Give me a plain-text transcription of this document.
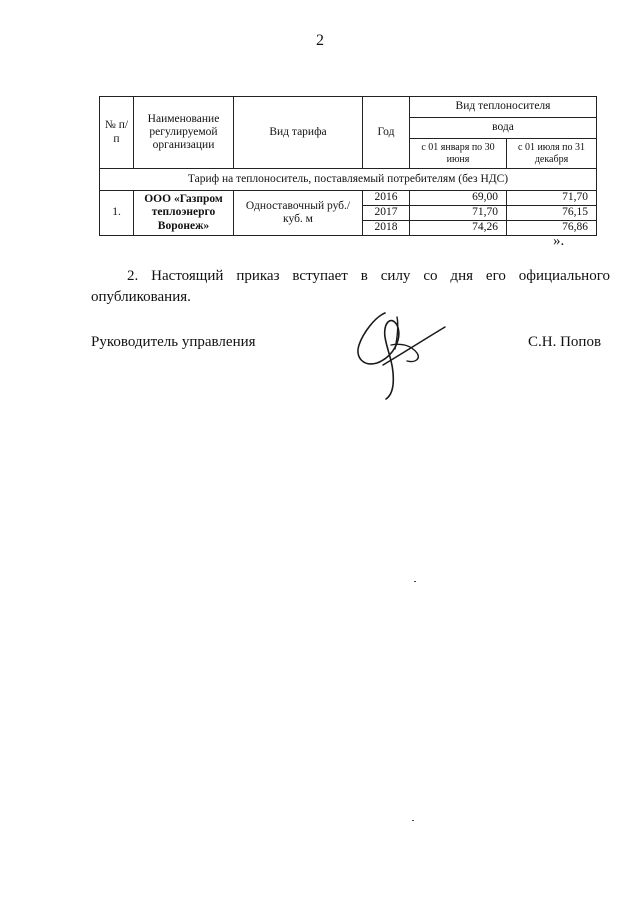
2
№ п/п	Наименование регулируемой организации	Вид тарифа	Год	Вид теплоносителя	
				вода	
				с 01 января по 30 июня	с 01 июля по 31 декабря
Тариф на теплоноситель, поставляемый потребителям (без НДС)					
1.	ООО «Газпром теплоэнерго Воронеж»	Одноставочный руб./куб. м	2016	69,00	71,70
			2017	71,70	76,15
			2018	74,26	76,86
».
2. Настоящий приказ вступает в силу со дня его официального опубликования.
Руководитель управления	С.Н. Попов
